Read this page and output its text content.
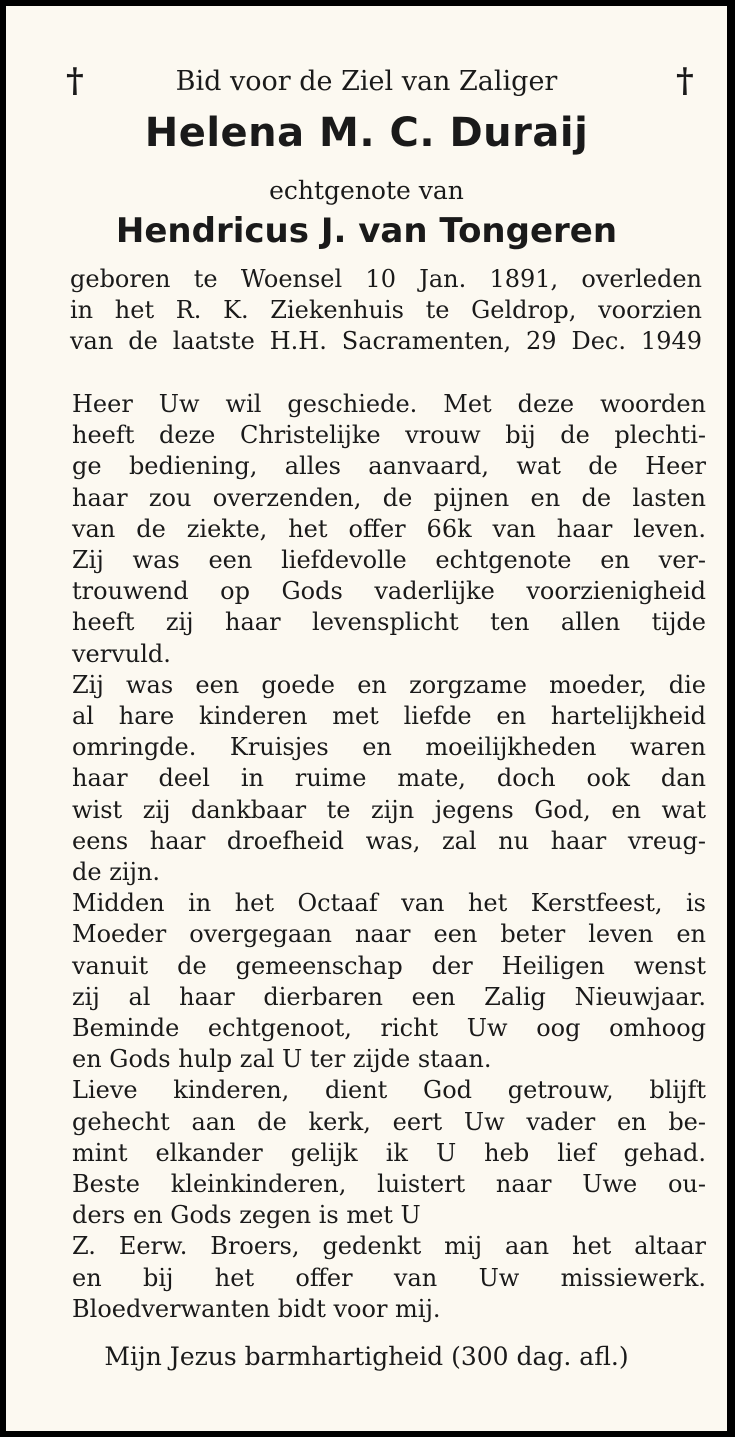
†	†
Bid voor de Ziel van Zaliger
Helena M. C. Duraij
echtgenote van
Hendricus J. van Tongeren
geboren te Woensel 10 Jan. 1891, overleden
in het R. K. Ziekenhuis te Geldrop, voorzien
van de laatste H.H. Sacramenten, 29 Dec. 1949
Heer Uw wil geschiede. Met deze woorden
heeft deze Christelijke vrouw bij de plechti-
ge bediening, alles aanvaard, wat de Heer
haar zou overzenden, de pijnen en de lasten
van de ziekte, het offer 66k van haar leven.
Zij was een liefdevolle echtgenote en ver-
trouwend op Gods vaderlijke voorzienigheid
heeft zij haar levensplicht ten allen tijde
vervuld.
Zij was een goede en zorgzame moeder, die
al hare kinderen met liefde en hartelijkheid
omringde. Kruisjes en moeilijkheden waren
haar deel in ruime mate, doch ook dan
wist zij dankbaar te zijn jegens God, en wat
eens haar droefheid was, zal nu haar vreug-
de zijn.
Midden in het Octaaf van het Kerstfeest, is
Moeder overgegaan naar een beter leven en
vanuit de gemeenschap der Heiligen wenst
zij al haar dierbaren een Zalig Nieuwjaar.
Beminde echtgenoot, richt Uw oog omhoog
en Gods hulp zal U ter zijde staan.
Lieve kinderen, dient God getrouw, blijft
gehecht aan de kerk, eert Uw vader en be-
mint elkander gelijk ik U heb lief gehad.
Beste kleinkinderen, luistert naar Uwe ou-
ders en Gods zegen is met U
Z. Eerw. Broers, gedenkt mij aan het altaar
en bij het offer van Uw missiewerk.
Bloedverwanten bidt voor mij.
Mijn Jezus barmhartigheid (300 dag. afl.)
